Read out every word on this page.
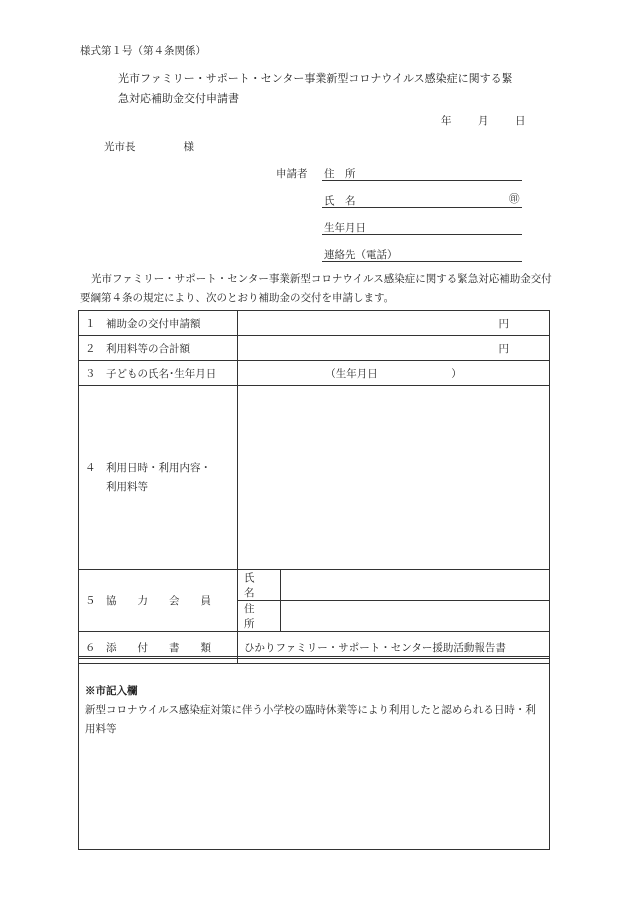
様式第１号（第４条関係）
光市ファミリー・サポート・センター事業新型コロナウイルス感染症に関する緊急対応補助金交付申請書
年	月	日
光市長	様
申請者 住　所
氏　名	㊞
生年月日
連絡先（電話）
光市ファミリー・サポート・センター事業新型コロナウイルス感染症に関する緊急対応補助金交付要綱第４条の規定により、次のとおり補助金の交付を申請します。
１　補助金の交付申請額	円	
２　利用料等の合計額	円	
３　子どもの氏名･生年月日	（生年月日　　　　　　　）	
４　利用日時・利用内容・
　　利用料等		
５　協　　力　　会　　員	氏　名	
	住　所	
６　添　　付　　書　　類	ひかりファミリー・サポート・センター援助活動報告書	
※市記入欄
新型コロナウイルス感染症対策に伴う小学校の臨時休業等により利用したと認められる日時・利用料等
